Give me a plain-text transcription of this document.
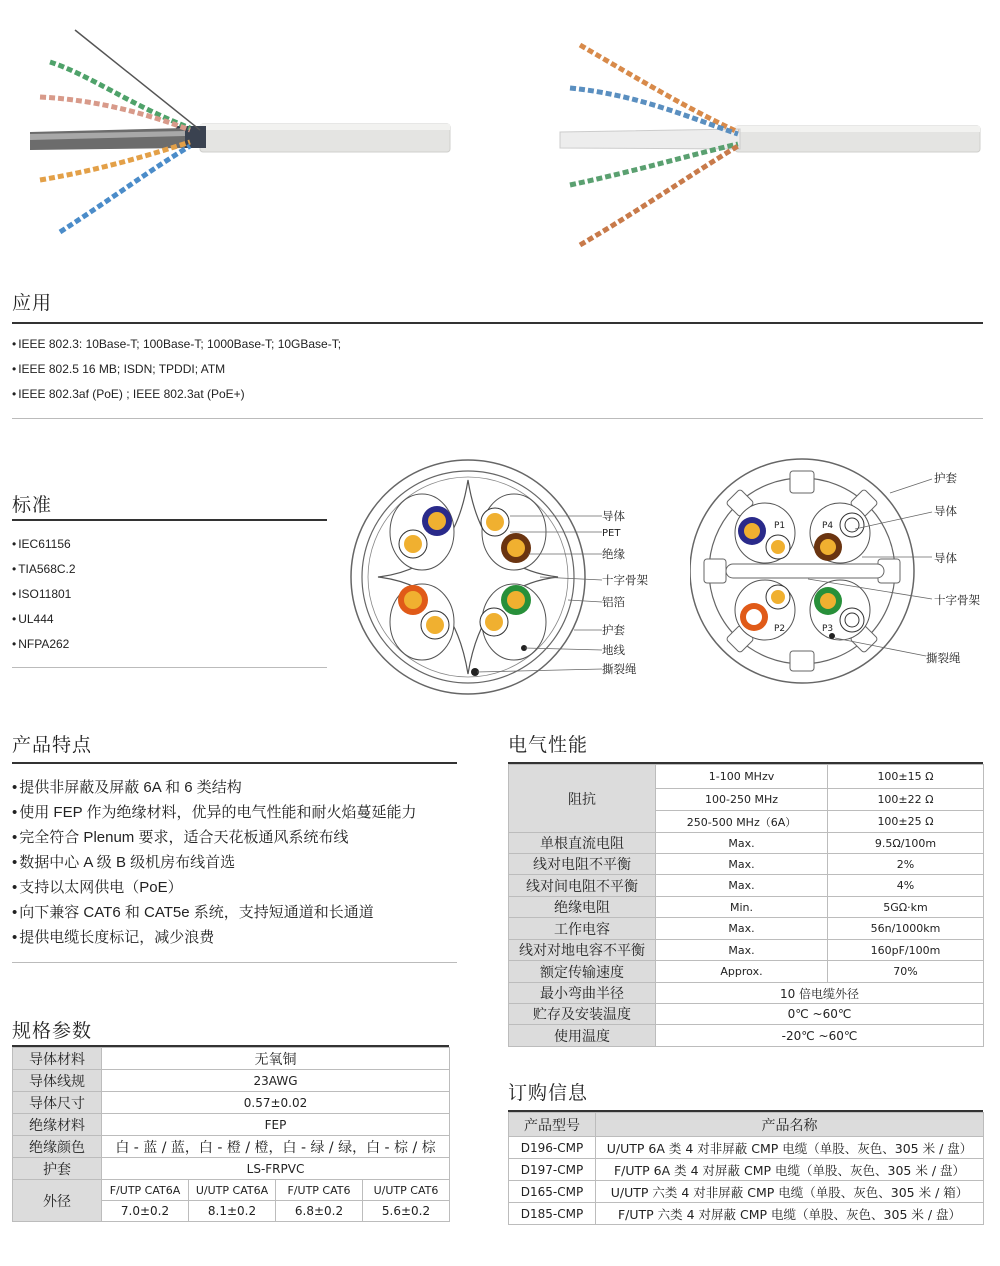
应用
• IEEE 802.3: 10Base-T; 100Base-T; 1000Base-T; 10GBase-T;
• IEEE 802.5 16 MB; ISDN; TPDDI; ATM
• IEEE 802.3af (PoE) ; IEEE 802.3at (PoE+)
标准
• IEC61156
• TIA568C.2
• ISO11801
• UL444
• NFPA262
导体
PET
绝缘
十字骨架
铝箔
护套
地线
撕裂绳
P1
P2	P3
P4
护套
导体
导体
十字骨架
撕裂绳
产品特点
• 提供非屏蔽及屏蔽 6A 和 6 类结构
• 使用 FEP 作为绝缘材料，优异的电气性能和耐火焰蔓延能力
• 完全符合 Plenum 要求，适合天花板通风系统布线
• 数据中心 A 级 B 级机房布线首选
• 支持以太网供电（PoE）
• 向下兼容 CAT6 和 CAT5e 系统，支持短通道和长通道
• 提供电缆长度标记，减少浪费
规格参数
导体材料	无氧铜			
导体线规	23AWG			
导体尺寸	0.57±0.02			
绝缘材料	FEP			
绝缘颜色	白 - 蓝 / 蓝，白 - 橙 / 橙，白 - 绿 / 绿，白 - 棕 / 棕			
护套	LS-FRPVC			
外径	F/UTP CAT6A	U/UTP CAT6A	F/UTP CAT6	U/UTP CAT6
	7.0±0.2	8.1±0.2	6.8±0.2	5.6±0.2
电气性能
阻抗	1-100 MHzv	100±15 Ω
	100-250 MHz	100±22 Ω
	250-500 MHz（6A）	100±25 Ω
单根直流电阻	Max.	9.5Ω/100m
线对电阻不平衡	Max.	2%
线对间电阻不平衡	Max.	4%
绝缘电阻	Min.	5GΩ·km
工作电容	Max.	56n/1000km
线对对地电容不平衡	Max.	160pF/100m
额定传输速度	Approx.	70%
最小弯曲半径	10 倍电缆外径	
贮存及安装温度	0℃ ~60℃	
使用温度	-20℃ ~60℃	
订购信息
产品型号	产品名称
D196-CMP	U/UTP 6A 类 4 对非屏蔽 CMP 电缆（单股、灰色、305 米 / 盘）
D197-CMP	F/UTP 6A 类 4 对屏蔽 CMP 电缆（单股、灰色、305 米 / 盘）
D165-CMP	U/UTP 六类 4 对非屏蔽 CMP 电缆（单股、灰色、305 米 / 箱）
D185-CMP	F/UTP 六类 4 对屏蔽 CMP 电缆（单股、灰色、305 米 / 盘）
